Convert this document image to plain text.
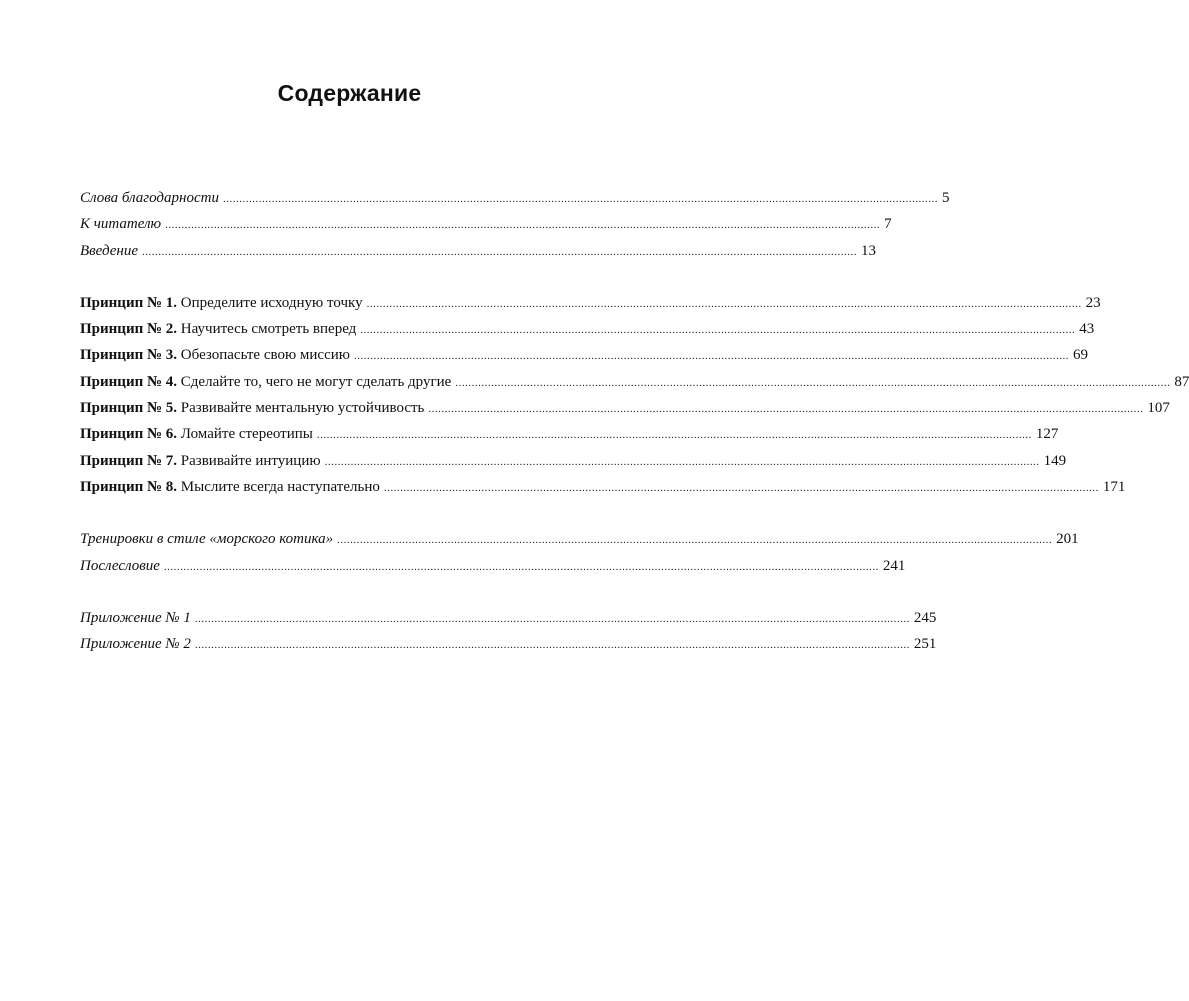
Содержание
Слова благодарности ............................................................................................................................................................................................................................ 5
К читателю ............................................................................................................................................................................................................................ 7
Введение ............................................................................................................................................................................................................................ 13
Принцип № 1. Определите исходную точку ............................................................................................................................................................................................................................ 23
Принцип № 2. Научитесь смотреть вперед ............................................................................................................................................................................................................................ 43
Принцип № 3. Обезопасьте свою миссию ............................................................................................................................................................................................................................ 69
Принцип № 4. Сделайте то, чего не могут сделать другие ............................................................................................................................................................................................................................ 87
Принцип № 5. Развивайте ментальную устойчивость ............................................................................................................................................................................................................................ 107
Принцип № 6. Ломайте стереотипы ............................................................................................................................................................................................................................ 127
Принцип № 7. Развивайте интуицию ............................................................................................................................................................................................................................ 149
Принцип № 8. Мыслите всегда наступательно ............................................................................................................................................................................................................................ 171
Тренировки в стиле «морского котика» ............................................................................................................................................................................................................................ 201
Послесловие ............................................................................................................................................................................................................................ 241
Приложение № 1 ............................................................................................................................................................................................................................ 245
Приложение № 2 ............................................................................................................................................................................................................................ 251
